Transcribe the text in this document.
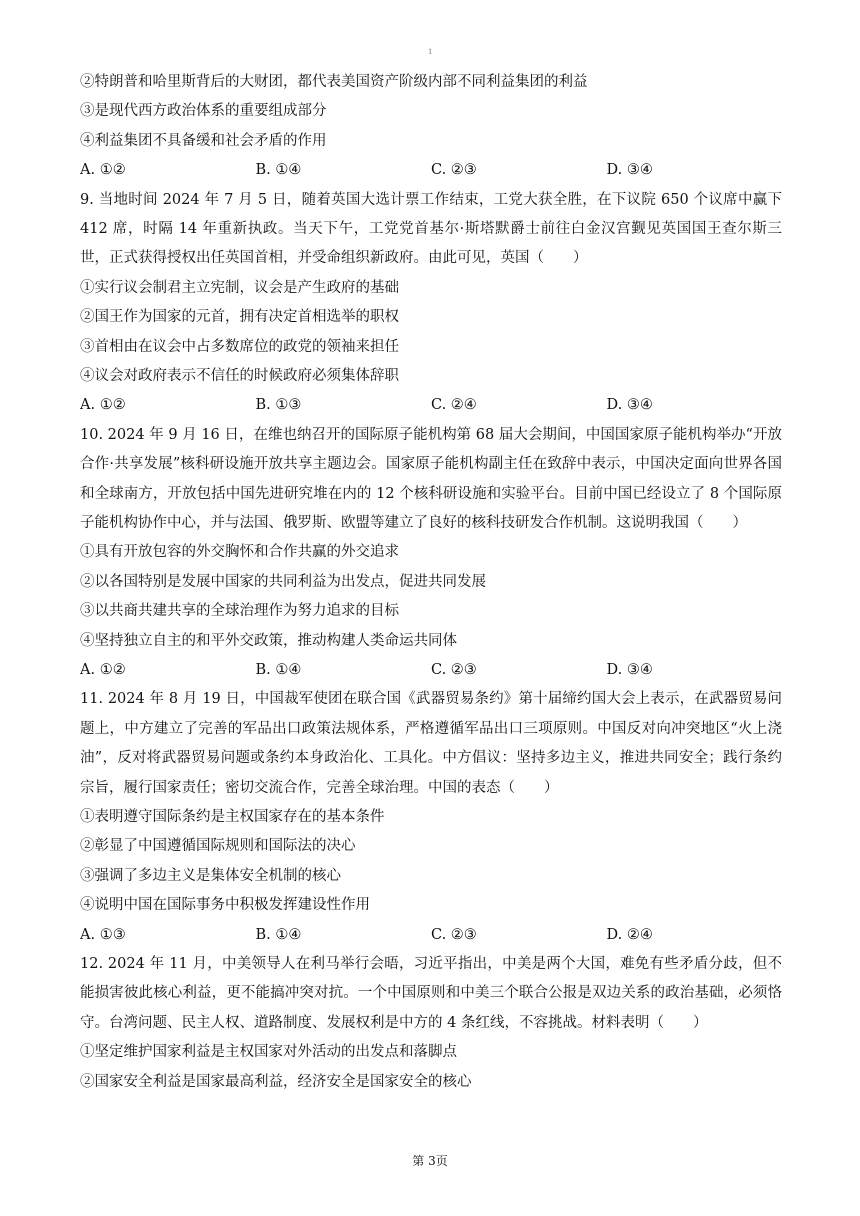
1
②特朗普和哈里斯背后的大财团，都代表美国资产阶级内部不同利益集团的利益
③是现代西方政治体系的重要组成部分
④利益集团不具备缓和社会矛盾的作用
A. ①②	B. ①④	C. ②③	D. ③④
9. 当地时间 2024 年 7 月 5 日，随着英国大选计票工作结束，工党大获全胜，在下议院 650 个议席中赢下 412 席，时隔 14 年重新执政。当天下午，工党党首基尔·斯塔默爵士前往白金汉宫觐见英国国王查尔斯三世，正式获得授权出任英国首相，并受命组织新政府。由此可见，英国（　　）
①实行议会制君主立宪制，议会是产生政府的基础
②国王作为国家的元首，拥有决定首相选举的职权
③首相由在议会中占多数席位的政党的领袖来担任
④议会对政府表示不信任的时候政府必须集体辞职
A. ①②	B. ①③	C. ②④	D. ③④
10. 2024 年 9 月 16 日，在维也纳召开的国际原子能机构第 68 届大会期间，中国国家原子能机构举办“开放合作·共享发展”核科研设施开放共享主题边会。国家原子能机构副主任在致辞中表示，中国决定面向世界各国和全球南方，开放包括中国先进研究堆在内的 12 个核科研设施和实验平台。目前中国已经设立了 8 个国际原子能机构协作中心，并与法国、俄罗斯、欧盟等建立了良好的核科技研发合作机制。这说明我国（　　）
①具有开放包容的外交胸怀和合作共赢的外交追求
②以各国特别是发展中国家的共同利益为出发点，促进共同发展
③以共商共建共享的全球治理作为努力追求的目标
④坚持独立自主的和平外交政策，推动构建人类命运共同体
A. ①②	B. ①④	C. ②③	D. ③④
11. 2024 年 8 月 19 日，中国裁军使团在联合国《武器贸易条约》第十届缔约国大会上表示，在武器贸易问题上，中方建立了完善的军品出口政策法规体系，严格遵循军品出口三项原则。中国反对向冲突地区“火上浇油”，反对将武器贸易问题或条约本身政治化、工具化。中方倡议：坚持多边主义，推进共同安全；践行条约宗旨，履行国家责任；密切交流合作，完善全球治理。中国的表态（　　）
①表明遵守国际条约是主权国家存在的基本条件
②彰显了中国遵循国际规则和国际法的决心
③强调了多边主义是集体安全机制的核心
④说明中国在国际事务中积极发挥建设性作用
A. ①③	B. ①④	C. ②③	D. ②④
12. 2024 年 11 月，中美领导人在利马举行会晤，习近平指出，中美是两个大国，难免有些矛盾分歧，但不能损害彼此核心利益，更不能搞冲突对抗。一个中国原则和中美三个联合公报是双边关系的政治基础，必须恪守。台湾问题、民主人权、道路制度、发展权利是中方的 4 条红线，不容挑战。材料表明（　　）
①坚定维护国家利益是主权国家对外活动的出发点和落脚点
②国家安全利益是国家最高利益，经济安全是国家安全的核心
第 3页
